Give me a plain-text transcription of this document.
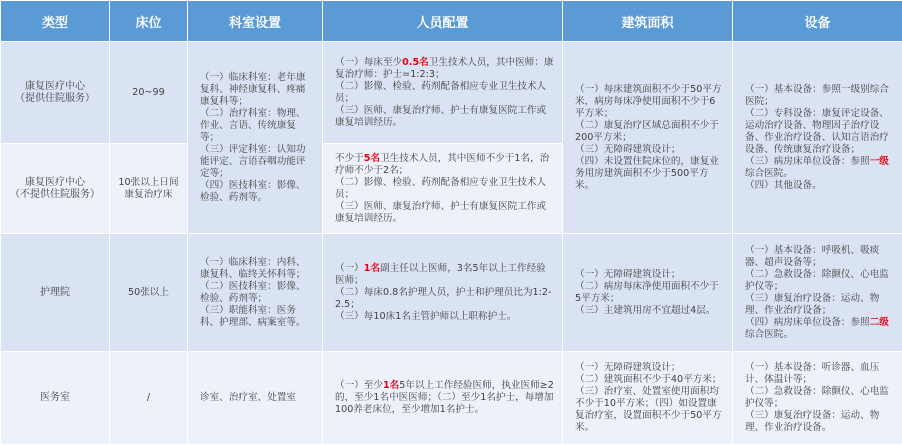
类型	床位	科室设置	人员配置	建筑面积	设备

康复医疗中心
（提供住院服务）	20~99	（一）临床科室：老年康复科、神经康复科、疼痛康复科等；
（二）治疗科室：物理、作业、言语、传统康复等；
（三）评定科室：认知功能评定、言语吞咽功能评定等；
（四）医技科室：影像、检验、药剂等。	（一）每床至少0.5名卫生技术人员，其中医师：康复治疗师：护士=1:2:3；
（二）影像、检验、药剂配备相应专业卫生技术人员；
（三）医师、康复治疗师、护士有康复医院工作或康复培训经历。	（一）每床建筑面积不少于50平方米，病房每床净使用面积不少于6平方米；
（二）康复治疗区域总面积不少于200平方米；
（三）无障碍建筑设计；
（四）未设置住院床位的，康复业务用房建筑面积不少于500平方米。	（一）基本设备：参照一级别综合医院；
（二）专科设备：康复评定设备、运动治疗设备、物理因子治疗设备、作业治疗设备、认知言语治疗设备、传统康复治疗设备；
（三）病房床单位设备：参照一级综合医院。
（四）其他设备。

康复医疗中心
（不提供住院服务）	10张以上日间康复治疗床		不少于5名卫生技术人员，其中医师不少于1名，治疗师不少于2名；
（二）影像、检验、药剂配备相应专业卫生技术人员；
（三）医师、康复治疗师、护士有康复医院工作或康复培训经历。		

护理院	50张以上	（一）临床科室：内科、康复科、临终关怀科等；
（二）医技科室：影像、检验、药剂等；
（三）职能科室：医务科、护理部、病案室等。	（一）1名副主任以上医师，3名5年以上工作经验医师；
（二）每床0.8名护理人员，护士和护理员比为1:2-2.5；
（三）每10床1名主管护师以上职称护士。	（一）无障碍建筑设计；
（二）病房每床净使用面积不少于5平方米；
（三）主建筑用房不宜超过4层。	（一）基本设备：呼吸机、吸痰器、超声设备等；
（二）急救设备：除颤仪、心电监护仪等；
（三）康复治疗设备：运动、物理、作业治疗设备；
（四）病房床单位设备：参照二级综合医院。

医务室	/	诊室、治疗室、处置室	（一）至少1名5年以上工作经验医师，执业医师≥2的，至少1名中医医师；（二）至少1名护士，每增加100养老床位，至少增加1名护士。	（一）无障碍建筑设计；
（二）建筑面积不少于40平方米；（三）治疗室、处置室使用面积均不少于10平方米；（四）如设置康复治疗室，设置面积不少于50平方米。	（一）基本设备：听诊器、血压计、体温计等；
（二）急救设备：除颤仪、心电监护仪等；
（三）康复治疗设备：运动、物理、作业治疗设备。
